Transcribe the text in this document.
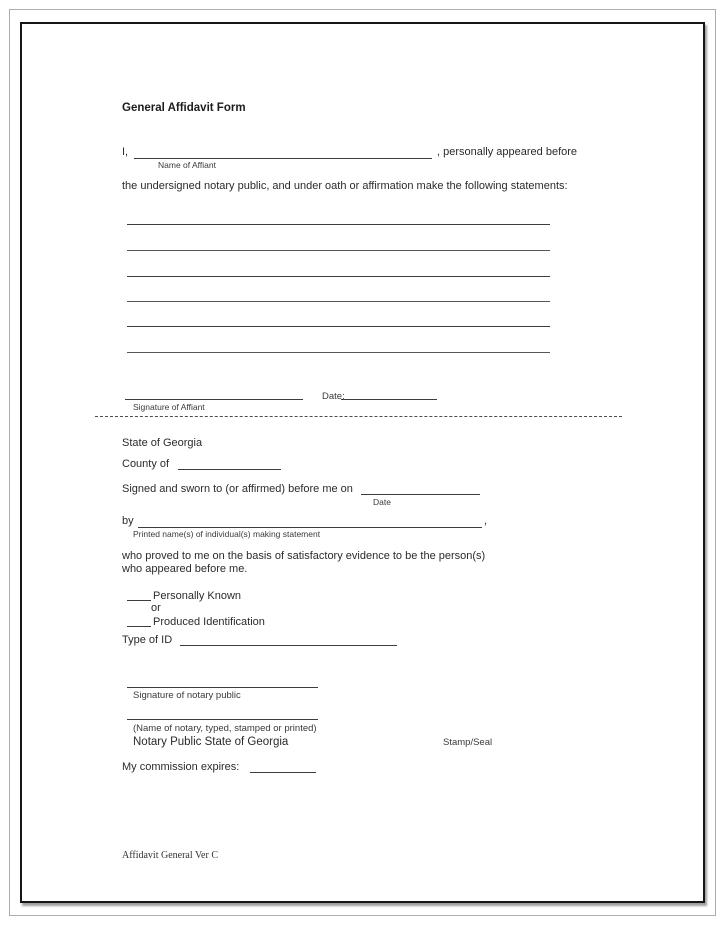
General Affidavit Form
I,	, personally appeared before
Name of Affiant
the undersigned notary public, and under oath or affirmation make the following statements:
Date:
Signature of Affiant
State of Georgia
County of
Signed and sworn to (or affirmed) before me on
Date
by	,
Printed name(s) of individual(s) making statement
who proved to me on the basis of satisfactory evidence to be the person(s)
who appeared before me.
Personally Known
or
Produced Identification
Type of ID
Signature of notary public
(Name of notary, typed, stamped or printed)
Notary Public State of Georgia	Stamp/Seal
My commission expires:
Affidavit General Ver C
